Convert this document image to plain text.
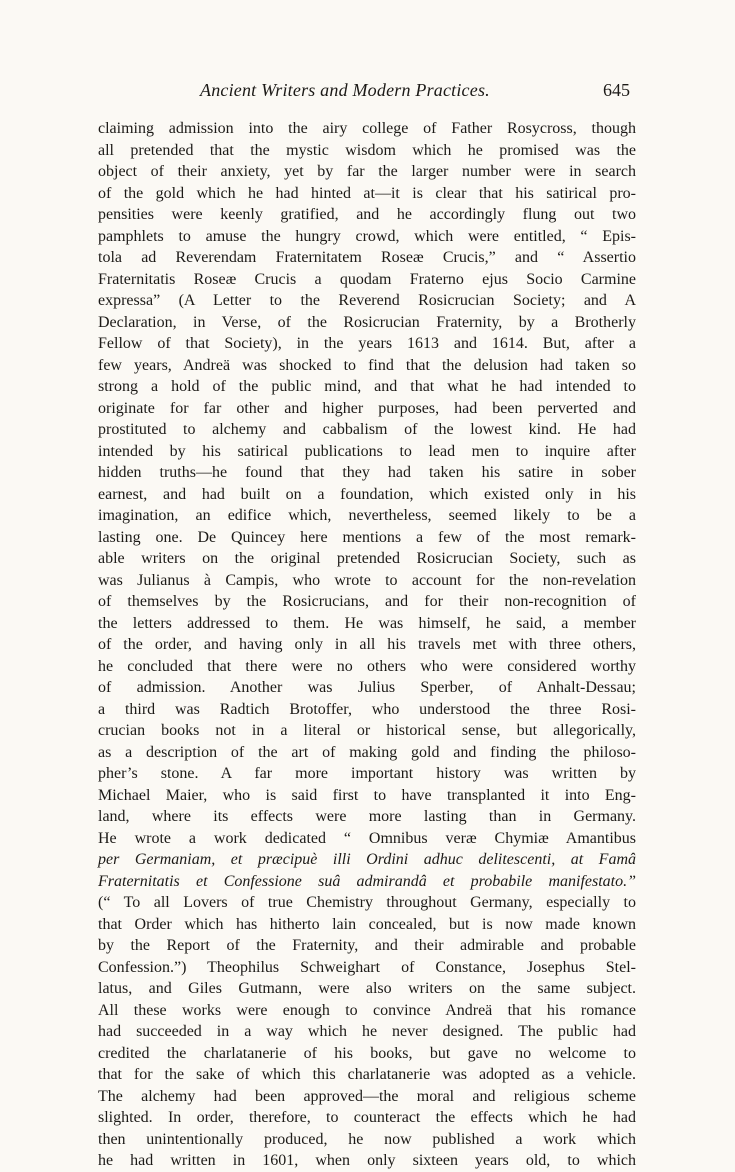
Ancient Writers and Modern Practices.	645
claiming admission into the airy college of Father Rosycross, though
all pretended that the mystic wisdom which he promised was the
object of their anxiety, yet by far the larger number were in search
of the gold which he had hinted at—it is clear that his satirical pro-
pensities were keenly gratified, and he accordingly flung out two
pamphlets to amuse the hungry crowd, which were entitled, “ Epis-
tola ad Reverendam Fraternitatem Roseæ Crucis,” and “ Assertio
Fraternitatis Roseæ Crucis a quodam Fraterno ejus Socio Carmine
expressa” (A Letter to the Reverend Rosicrucian Society; and A
Declaration, in Verse, of the Rosicrucian Fraternity, by a Brotherly
Fellow of that Society), in the years 1613 and 1614. But, after a
few years, Andreä was shocked to find that the delusion had taken so
strong a hold of the public mind, and that what he had intended to
originate for far other and higher purposes, had been perverted and
prostituted to alchemy and cabbalism of the lowest kind. He had
intended by his satirical publications to lead men to inquire after
hidden truths—he found that they had taken his satire in sober
earnest, and had built on a foundation, which existed only in his
imagination, an edifice which, nevertheless, seemed likely to be a
lasting one. De Quincey here mentions a few of the most remark-
able writers on the original pretended Rosicrucian Society, such as
was Julianus à Campis, who wrote to account for the non-revelation
of themselves by the Rosicrucians, and for their non-recognition of
the letters addressed to them. He was himself, he said, a member
of the order, and having only in all his travels met with three others,
he concluded that there were no others who were considered worthy
of admission. Another was Julius Sperber, of Anhalt-Dessau;
a third was Radtich Brotoffer, who understood the three Rosi-
crucian books not in a literal or historical sense, but allegorically,
as a description of the art of making gold and finding the philoso-
pher’s stone. A far more important history was written by
Michael Maier, who is said first to have transplanted it into Eng-
land, where its effects were more lasting than in Germany.
He wrote a work dedicated “ Omnibus veræ Chymiæ Amantibus
per Germaniam, et præcipuè illi Ordini adhuc delitescenti, at Famâ
Fraternitatis et Confessione suâ admirandâ et probabile manifestato.”
(“ To all Lovers of true Chemistry throughout Germany, especially to
that Order which has hitherto lain concealed, but is now made known
by the Report of the Fraternity, and their admirable and probable
Confession.”) Theophilus Schweighart of Constance, Josephus Stel-
latus, and Giles Gutmann, were also writers on the same subject.
All these works were enough to convince Andreä that his romance
had succeeded in a way which he never designed. The public had
credited the charlatanerie of his books, but gave no welcome to
that for the sake of which this charlatanerie was adopted as a vehicle.
The alchemy had been approved—the moral and religious scheme
slighted. In order, therefore, to counteract the effects which he had
then unintentionally produced, he now published a work which
he had written in 1601, when only sixteen years old, to which
